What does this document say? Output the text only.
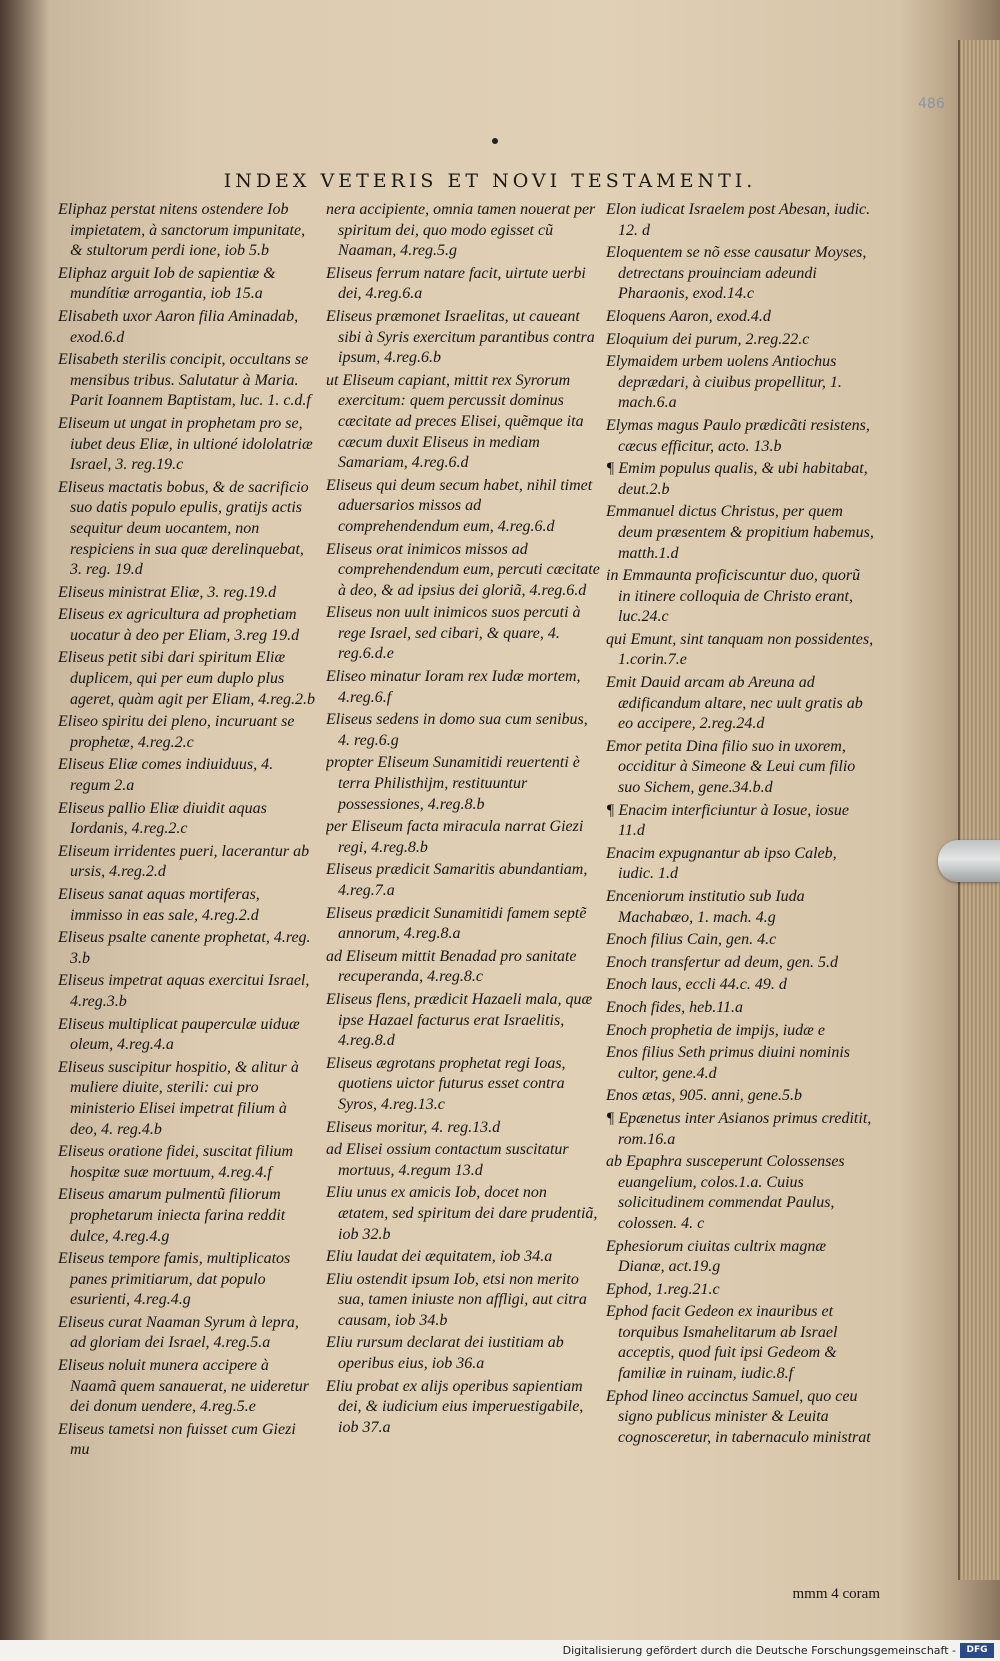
486
INDEX VETERIS ET NOVI TESTAMENTI.
Eliphaz perstat nitens ostendere Iob impietatem, à sanctorum impunitate, & stultorum perdi ione, iob 5.b
Eliphaz arguit Iob de sapientiæ & mundítiæ arrogantia, iob 15.a
Elisabeth uxor Aaron filia Aminadab, exod.6.d
Elisabeth sterilis concipit, occultans se mensibus tribus. Salutatur à Maria. Parit Ioannem Baptistam, luc. 1. c.d.f
Eliseum ut ungat in prophetam pro se, iubet deus Eliæ, in ultioné idololatriæ Israel, 3. reg.19.c
Eliseus mactatis bobus, & de sacrificio suo datis populo epulis, gratijs actis sequitur deum uocantem, non respiciens in sua quæ derelinquebat, 3. reg. 19.d
Eliseus ministrat Eliæ, 3. reg.19.d
Eliseus ex agricultura ad prophetiam uocatur à deo per Eliam, 3.reg 19.d
Eliseus petit sibi dari spiritum Eliæ duplicem, qui per eum duplo plus ageret, quàm agit per Eliam, 4.reg.2.b
Eliseo spiritu dei pleno, incuruant se prophetæ, 4.reg.2.c
Eliseus Eliæ comes indiuiduus, 4. regum 2.a
Eliseus pallio Eliæ diuidit aquas Iordanis, 4.reg.2.c
Eliseum irridentes pueri, lacerantur ab ursis, 4.reg.2.d
Eliseus sanat aquas mortiferas, immisso in eas sale, 4.reg.2.d
Eliseus psalte canente prophetat, 4.reg. 3.b
Eliseus impetrat aquas exercitui Israel, 4.reg.3.b
Eliseus multiplicat pauperculæ uiduæ oleum, 4.reg.4.a
Eliseus suscipitur hospitio, & alitur à muliere diuite, sterili: cui pro ministerio Elisei impetrat filium à deo, 4. reg.4.b
Eliseus oratione fidei, suscitat filium hospitæ suæ mortuum, 4.reg.4.f
Eliseus amarum pulmentũ filiorum prophetarum iniecta farina reddit dulce, 4.reg.4.g
Eliseus tempore famis, multiplicatos panes primitiarum, dat populo esurienti, 4.reg.4.g
Eliseus curat Naaman Syrum à lepra, ad gloriam dei Israel, 4.reg.5.a
Eliseus noluit munera accipere à Naamã quem sanauerat, ne uideretur dei donum uendere, 4.reg.5.e
Eliseus tametsi non fuisset cum Giezi mu
nera accipiente, omnia tamen nouerat per spiritum dei, quo modo egisset cũ Naaman, 4.reg.5.g
Eliseus ferrum natare facit, uirtute uerbi dei, 4.reg.6.a
Eliseus præmonet Israelitas, ut caueant sibi à Syris exercitum parantibus contra ipsum, 4.reg.6.b
ut Eliseum capiant, mittit rex Syrorum exercitum: quem percussit dominus cæcitate ad preces Elisei, quẽmque ita cæcum duxit Eliseus in mediam Samariam, 4.reg.6.d
Eliseus qui deum secum habet, nihil timet aduersarios missos ad comprehendendum eum, 4.reg.6.d
Eliseus orat inimicos missos ad comprehendendum eum, percuti cæcitate à deo, & ad ipsius dei gloriã, 4.reg.6.d
Eliseus non uult inimicos suos percuti à rege Israel, sed cibari, & quare, 4. reg.6.d.e
Eliseo minatur Ioram rex Iudæ mortem, 4.reg.6.f
Eliseus sedens in domo sua cum senibus, 4. reg.6.g
propter Eliseum Sunamitidi reuertenti è terra Philisthijm, restituuntur possessiones, 4.reg.8.b
per Eliseum facta miracula narrat Giezi regi, 4.reg.8.b
Eliseus prædicit Samaritis abundantiam, 4.reg.7.a
Eliseus prædicit Sunamitidi famem septẽ annorum, 4.reg.8.a
ad Eliseum mittit Benadad pro sanitate recuperanda, 4.reg.8.c
Eliseus flens, prædicit Hazaeli mala, quæ ipse Hazael facturus erat Israelitis, 4.reg.8.d
Eliseus ægrotans prophetat regi Ioas, quotiens uictor futurus esset contra Syros, 4.reg.13.c
Eliseus moritur, 4. reg.13.d
ad Elisei ossium contactum suscitatur mortuus, 4.regum 13.d
Eliu unus ex amicis Iob, docet non ætatem, sed spiritum dei dare prudentiã, iob 32.b
Eliu laudat dei æquitatem, iob 34.a
Eliu ostendit ipsum Iob, etsi non merito sua, tamen iniuste non affligi, aut citra causam, iob 34.b
Eliu rursum declarat dei iustitiam ab operibus eius, iob 36.a
Eliu probat ex alijs operibus sapientiam dei, & iudicium eius imperuestigabile, iob 37.a
Elon iudicat Israelem post Abesan, iudic. 12. d
Eloquentem se nõ esse causatur Moyses, detrectans prouinciam adeundi Pharaonis, exod.14.c
Eloquens Aaron, exod.4.d
Eloquium dei purum, 2.reg.22.c
Elymaidem urbem uolens Antiochus deprædari, à ciuibus propellitur, 1. mach.6.a
Elymas magus Paulo prædicãti resistens, cæcus efficitur, acto. 13.b
¶ Emim populus qualis, & ubi habitabat, deut.2.b
Emmanuel dictus Christus, per quem deum præsentem & propitium habemus, matth.1.d
in Emmaunta proficiscuntur duo, quorũ in itinere colloquia de Christo erant, luc.24.c
qui Emunt, sint tanquam non possidentes, 1.corin.7.e
Emit Dauid arcam ab Areuna ad ædificandum altare, nec uult gratis ab eo accipere, 2.reg.24.d
Emor petita Dina filio suo in uxorem, occiditur à Simeone & Leui cum filio suo Sichem, gene.34.b.d
¶ Enacim interficiuntur à Iosue, iosue 11.d
Enacim expugnantur ab ipso Caleb, iudic. 1.d
Enceniorum institutio sub Iuda Machabæo, 1. mach. 4.g
Enoch filius Cain, gen. 4.c
Enoch transfertur ad deum, gen. 5.d
Enoch laus, eccli 44.c. 49. d
Enoch fides, heb.11.a
Enoch prophetia de impijs, iudæ e
Enos filius Seth primus diuini nominis cultor, gene.4.d
Enos ætas, 905. anni, gene.5.b
¶ Epænetus inter Asianos primus creditit, rom.16.a
ab Epaphra susceperunt Colossenses euangelium, colos.1.a. Cuius solicitudinem commendat Paulus, colossen. 4. c
Ephesiorum ciuitas cultrix magnæ Dianæ, act.19.g
Ephod, 1.reg.21.c
Ephod facit Gedeon ex inauribus et torquibus Ismahelitarum ab Israel acceptis, quod fuit ipsi Gedeom & familiæ in ruinam, iudic.8.f
Ephod lineo accinctus Samuel, quo ceu signo publicus minister & Leuita cognosceretur, in tabernaculo ministrat
mmm 4 coram
Digitalisierung gefördert durch die Deutsche Forschungsgemeinschaft -	DFG
